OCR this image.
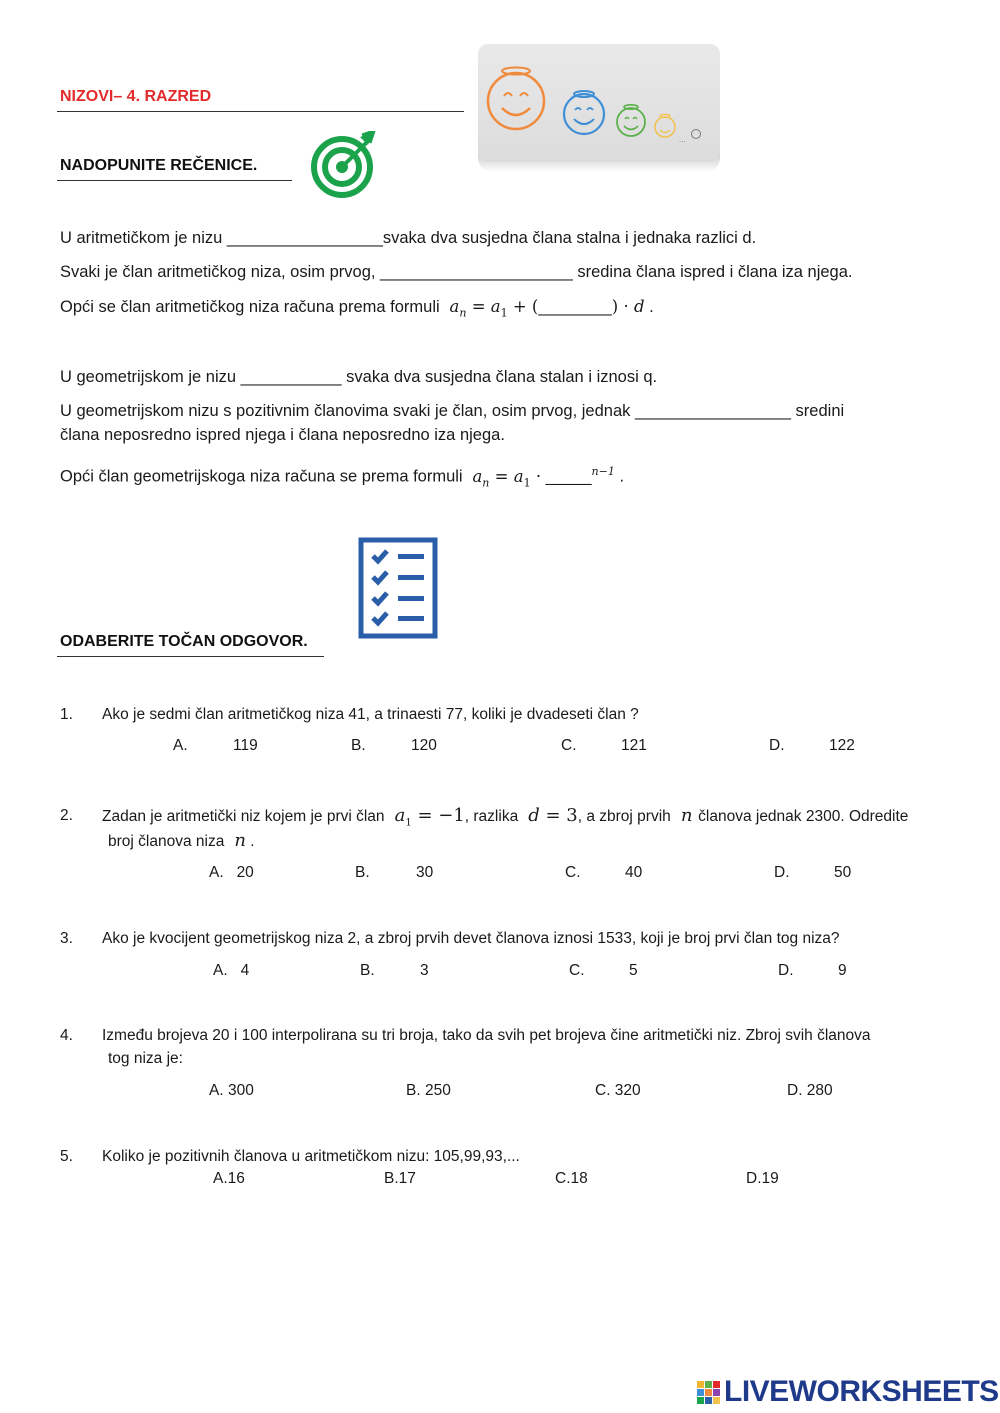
NIZOVI– 4. RAZRED
...
NADOPUNITE REČENICE.
U aritmetičkom je nizu _________________svaka dva susjedna člana stalna i jednaka razlici d.
Svaki je član aritmetičkog niza, osim prvog, _____________________ sredina člana ispred i člana iza njega.
Opći se član aritmetičkog niza računa prema formuli  $a_n = a_1$ + (________) · d .
U geometrijskom je nizu ___________ svaka dva susjedna člana stalan i iznosi q.
U geometrijskom nizu s pozitivnim članovima svaki je član, osim prvog, jednak _________________ sredini
člana neposredno ispred njega i člana neposredno iza njega.
Opći član geometrijskoga niza računa se prema formuli  $a_n = a_1$ · _____$^{n-1}$ .
ODABERITE TOČAN ODGOVOR.
1. Ako je sedmi član aritmetičkog niza 41, a trinaesti 77, koliki je dvadeseti član ?
A.	119	B.	120	C.	121	D.	122
2. Zadan je aritmetički niz kojem je prvi član  $a_1 = -1$, razlika  d = 3, a zbroj prvih  n članova jednak 2300. Odredite
broj članova niza  n .
A.   20	B.	30	C.	40	D.	50
3. Ako je kvocijent geometrijskog niza 2, a zbroj prvih devet članova iznosi 1533, koji je broj prvi član tog niza?
A.   4	B.	3	C.	5	D.	9
4. Između brojeva 20 i 100 interpolirana su tri broja, tako da svih pet brojeva čine aritmetički niz. Zbroj svih članova
tog niza je:
A. 300	B. 250	C. 320	D. 280
5. Koliko je pozitivnih članova u aritmetičkom nizu: 105,99,93,...
A.16	B.17	C.18	D.19
LIVEWORKSHEETS
